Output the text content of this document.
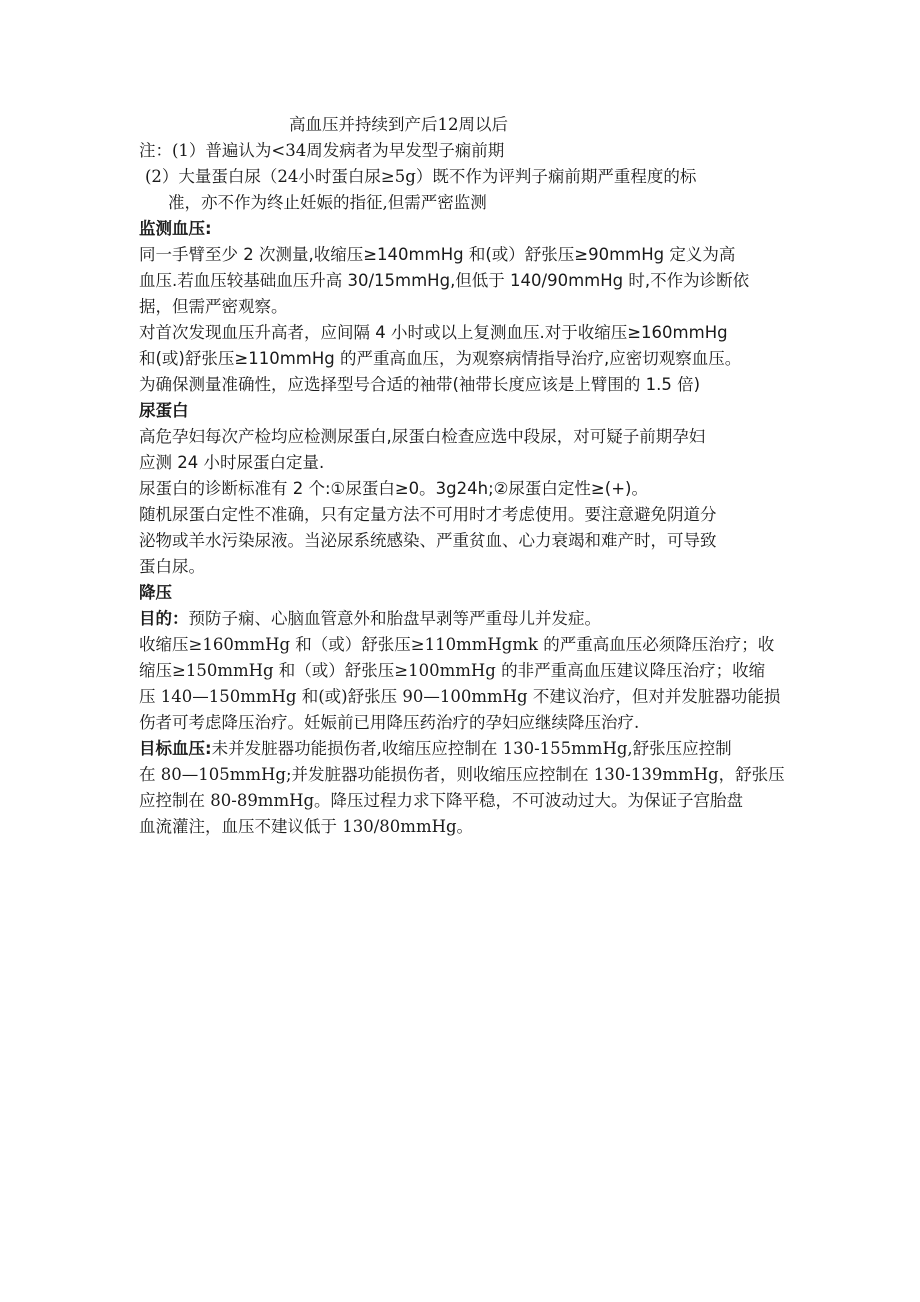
高血压并持续到产后12周以后
注：(1）普遍认为<34周发病者为早发型子痫前期
(2）大量蛋白尿（24小时蛋白尿≥5g）既不作为评判子痫前期严重程度的标
准，亦不作为终止妊娠的指征,但需严密监测
监测血压:
同一手臂至少 2 次测量,收缩压≥140mmHg 和(或）舒张压≥90mmHg 定义为高
血压.若血压较基础血压升高 30/15mmHg,但低于 140/90mmHg 时,不作为诊断依
据，但需严密观察。
对首次发现血压升高者，应间隔 4 小时或以上复测血压.对于收缩压≥160mmHg
和(或)舒张压≥110mmHg 的严重高血压，为观察病情指导治疗,应密切观察血压。
为确保测量准确性，应选择型号合适的袖带(袖带长度应该是上臂围的 1.5 倍)
尿蛋白
高危孕妇每次产检均应检测尿蛋白,尿蛋白检查应选中段尿，对可疑子前期孕妇
应测 24 小时尿蛋白定量.
尿蛋白的诊断标准有 2 个:①尿蛋白≥0。3g24h;②尿蛋白定性≥(+)。
随机尿蛋白定性不准确，只有定量方法不可用时才考虑使用。要注意避免阴道分
泌物或羊水污染尿液。当泌尿系统感染、严重贫血、心力衰竭和难产时，可导致
蛋白尿。
降压
目的：预防子痫、心脑血管意外和胎盘早剥等严重母儿并发症。
收缩压≥160mmHg 和（或）舒张压≥110mmHgmk 的严重高血压必须降压治疗；收
缩压≥150mmHg 和（或）舒张压≥100mmHg 的非严重高血压建议降压治疗；收缩
压 140—150mmHg 和(或)舒张压 90—100mmHg 不建议治疗，但对并发脏器功能损
伤者可考虑降压治疗。妊娠前已用降压药治疗的孕妇应继续降压治疗.
目标血压:未并发脏器功能损伤者,收缩压应控制在 130-155mmHg,舒张压应控制
在 80—105mmHg;并发脏器功能损伤者，则收缩压应控制在 130-139mmHg，舒张压
应控制在 80-89mmHg。降压过程力求下降平稳，不可波动过大。为保证子宫胎盘
血流灌注，血压不建议低于 130/80mmHg。
